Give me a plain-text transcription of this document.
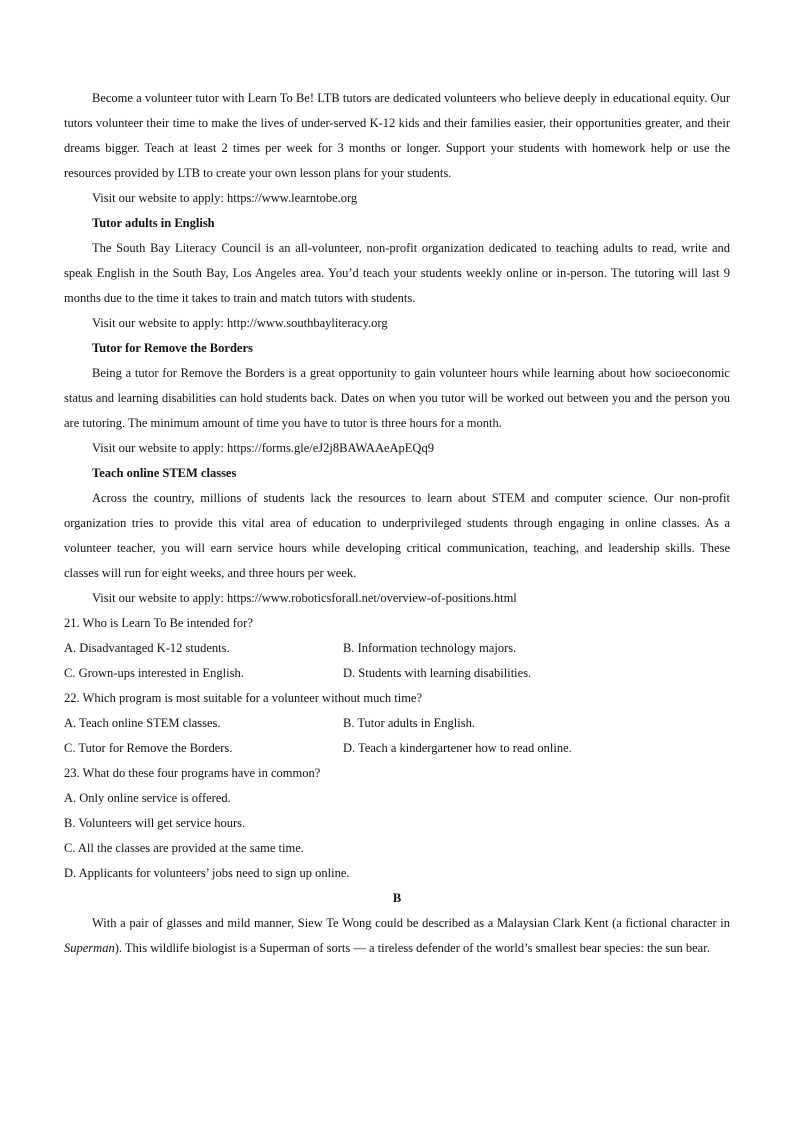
Become a volunteer tutor with Learn To Be! LTB tutors are dedicated volunteers who believe deeply in educational equity. Our tutors volunteer their time to make the lives of under-served K-12 kids and their families easier, their opportunities greater, and their dreams bigger. Teach at least 2 times per week for 3 months or longer. Support your students with homework help or use the resources provided by LTB to create your own lesson plans for your students.

Visit our website to apply: https://www.learntobe.org

Tutor adults in English

The South Bay Literacy Council is an all-volunteer, non-profit organization dedicated to teaching adults to read, write and speak English in the South Bay, Los Angeles area. You’d teach your students weekly online or in-person. The tutoring will last 9 months due to the time it takes to train and match tutors with students.

Visit our website to apply: http://www.southbayliteracy.org

Tutor for Remove the Borders

Being a tutor for Remove the Borders is a great opportunity to gain volunteer hours while learning about how socioeconomic status and learning disabilities can hold students back. Dates on when you tutor will be worked out between you and the person you are tutoring. The minimum amount of time you have to tutor is three hours for a month.

Visit our website to apply: https://forms.gle/eJ2j8BAWAAeApEQq9

Teach online STEM classes

Across the country, millions of students lack the resources to learn about STEM and computer science. Our non-profit organization tries to provide this vital area of education to underprivileged students through engaging in online classes. As a volunteer teacher, you will earn service hours while developing critical communication, teaching, and leadership skills. These classes will run for eight weeks, and three hours per week.

Visit our website to apply: https://www.roboticsforall.net/overview-of-positions.html

21. Who is Learn To Be intended for?

A. Disadvantaged K-12 students.	B. Information technology majors.
C. Grown-ups interested in English.	D. Students with learning disabilities.

22. Which program is most suitable for a volunteer without much time?

A. Teach online STEM classes.	B. Tutor adults in English.
C. Tutor for Remove the Borders.	D. Teach a kindergartener how to read online.

23. What do these four programs have in common?

A. Only online service is offered.

B. Volunteers will get service hours.

C. All the classes are provided at the same time.

D. Applicants for volunteers’ jobs need to sign up online.

B

With a pair of glasses and mild manner, Siew Te Wong could be described as a Malaysian Clark Kent (a fictional character in Superman). This wildlife biologist is a Superman of sorts — a tireless defender of the world’s smallest bear species: the sun bear.
